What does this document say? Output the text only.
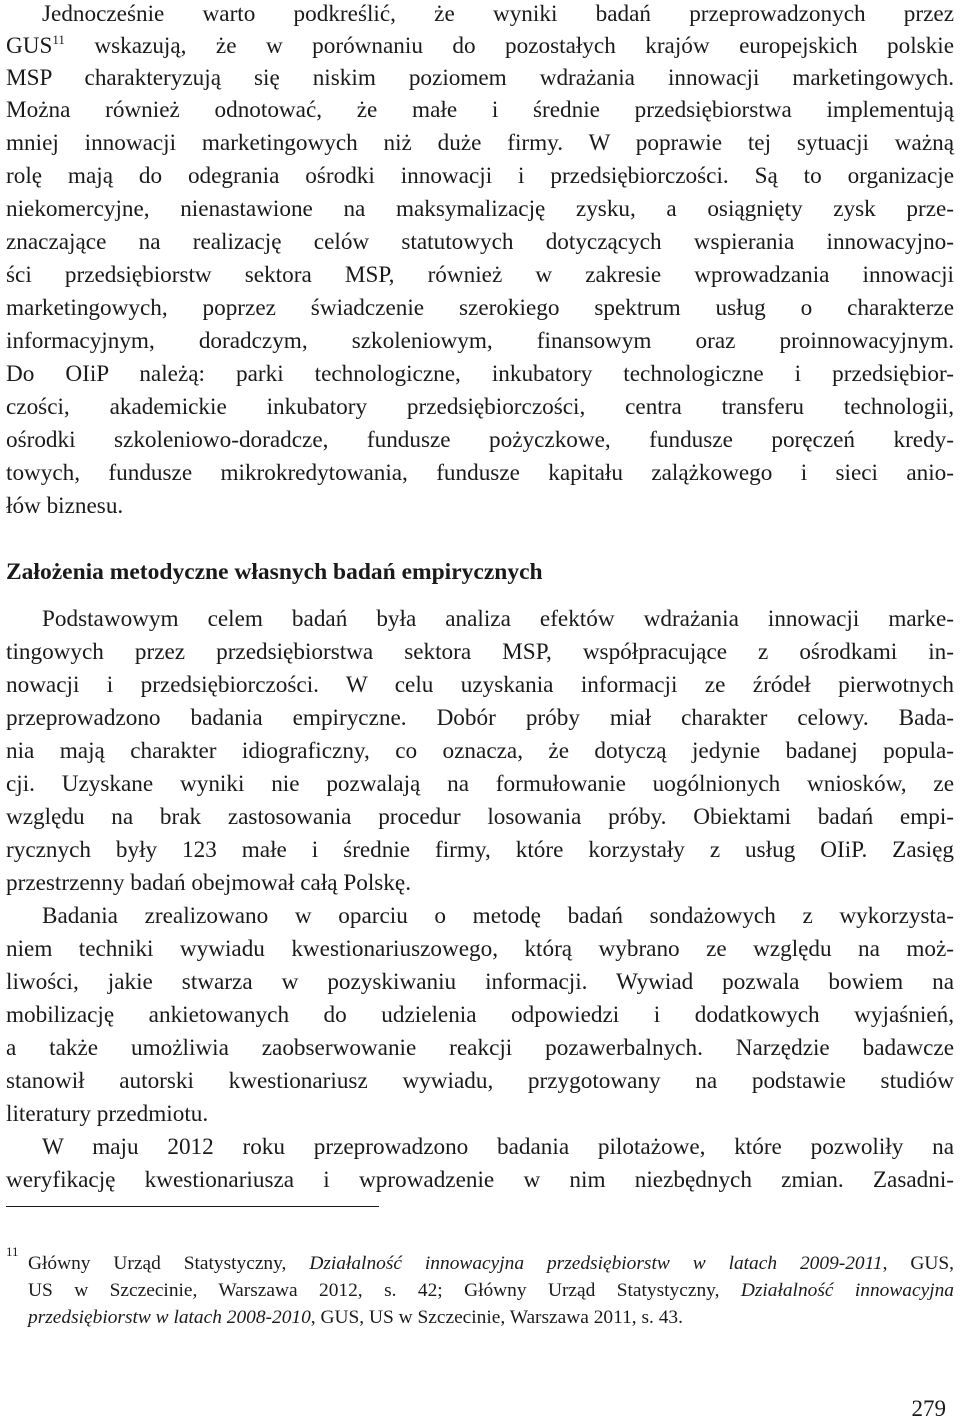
Jednocześnie warto podkreślić, że wyniki badań przeprowadzonych przez
GUS$^{11}$ wskazują, że w porównaniu do pozostałych krajów europejskich polskie
MSP charakteryzują się niskim poziomem wdrażania innowacji marketingowych.
Można również odnotować, że małe i średnie przedsiębiorstwa implementują
mniej innowacji marketingowych niż duże firmy. W poprawie tej sytuacji ważną
rolę mają do odegrania ośrodki innowacji i przedsiębiorczości. Są to organizacje
niekomercyjne, nienastawione na maksymalizację zysku, a osiągnięty zysk prze-
znaczające na realizację celów statutowych dotyczących wspierania innowacyjno-
ści przedsiębiorstw sektora MSP, również w zakresie wprowadzania innowacji
marketingowych, poprzez świadczenie szerokiego spektrum usług o charakterze
informacyjnym, doradczym, szkoleniowym, finansowym oraz proinnowacyjnym.
Do OIiP należą: parki technologiczne, inkubatory technologiczne i przedsiębior-
czości, akademickie inkubatory przedsiębiorczości, centra transferu technologii,
ośrodki szkoleniowo-doradcze, fundusze pożyczkowe, fundusze poręczeń kredy-
towych, fundusze mikrokredytowania, fundusze kapitału zalążkowego i sieci anio-
łów biznesu.
Założenia metodyczne własnych badań empirycznych
Podstawowym celem badań była analiza efektów wdrażania innowacji marke-
tingowych przez przedsiębiorstwa sektora MSP, współpracujące z ośrodkami in-
nowacji i przedsiębiorczości. W celu uzyskania informacji ze źródeł pierwotnych
przeprowadzono badania empiryczne. Dobór próby miał charakter celowy. Bada-
nia mają charakter idiograficzny, co oznacza, że dotyczą jedynie badanej popula-
cji. Uzyskane wyniki nie pozwalają na formułowanie uogólnionych wniosków, ze
względu na brak zastosowania procedur losowania próby. Obiektami badań empi-
rycznych były 123 małe i średnie firmy, które korzystały z usług OIiP. Zasięg
przestrzenny badań obejmował całą Polskę.
Badania zrealizowano w oparciu o metodę badań sondażowych z wykorzysta-
niem techniki wywiadu kwestionariuszowego, którą wybrano ze względu na moż-
liwości, jakie stwarza w pozyskiwaniu informacji. Wywiad pozwala bowiem na
mobilizację ankietowanych do udzielenia odpowiedzi i dodatkowych wyjaśnień,
a także umożliwia zaobserwowanie reakcji pozawerbalnych. Narzędzie badawcze
stanowił autorski kwestionariusz wywiadu, przygotowany na podstawie studiów
literatury przedmiotu.
W maju 2012 roku przeprowadzono badania pilotażowe, które pozwoliły na
weryfikację kwestionariusza i wprowadzenie w nim niezbędnych zmian. Zasadni-
11
Główny Urząd Statystyczny, Działalność innowacyjna przedsiębiorstw w latach 2009-2011, GUS,
US w Szczecinie, Warszawa 2012, s. 42; Główny Urząd Statystyczny, Działalność innowacyjna
przedsiębiorstw w latach 2008-2010, GUS, US w Szczecinie, Warszawa 2011, s. 43.
279
